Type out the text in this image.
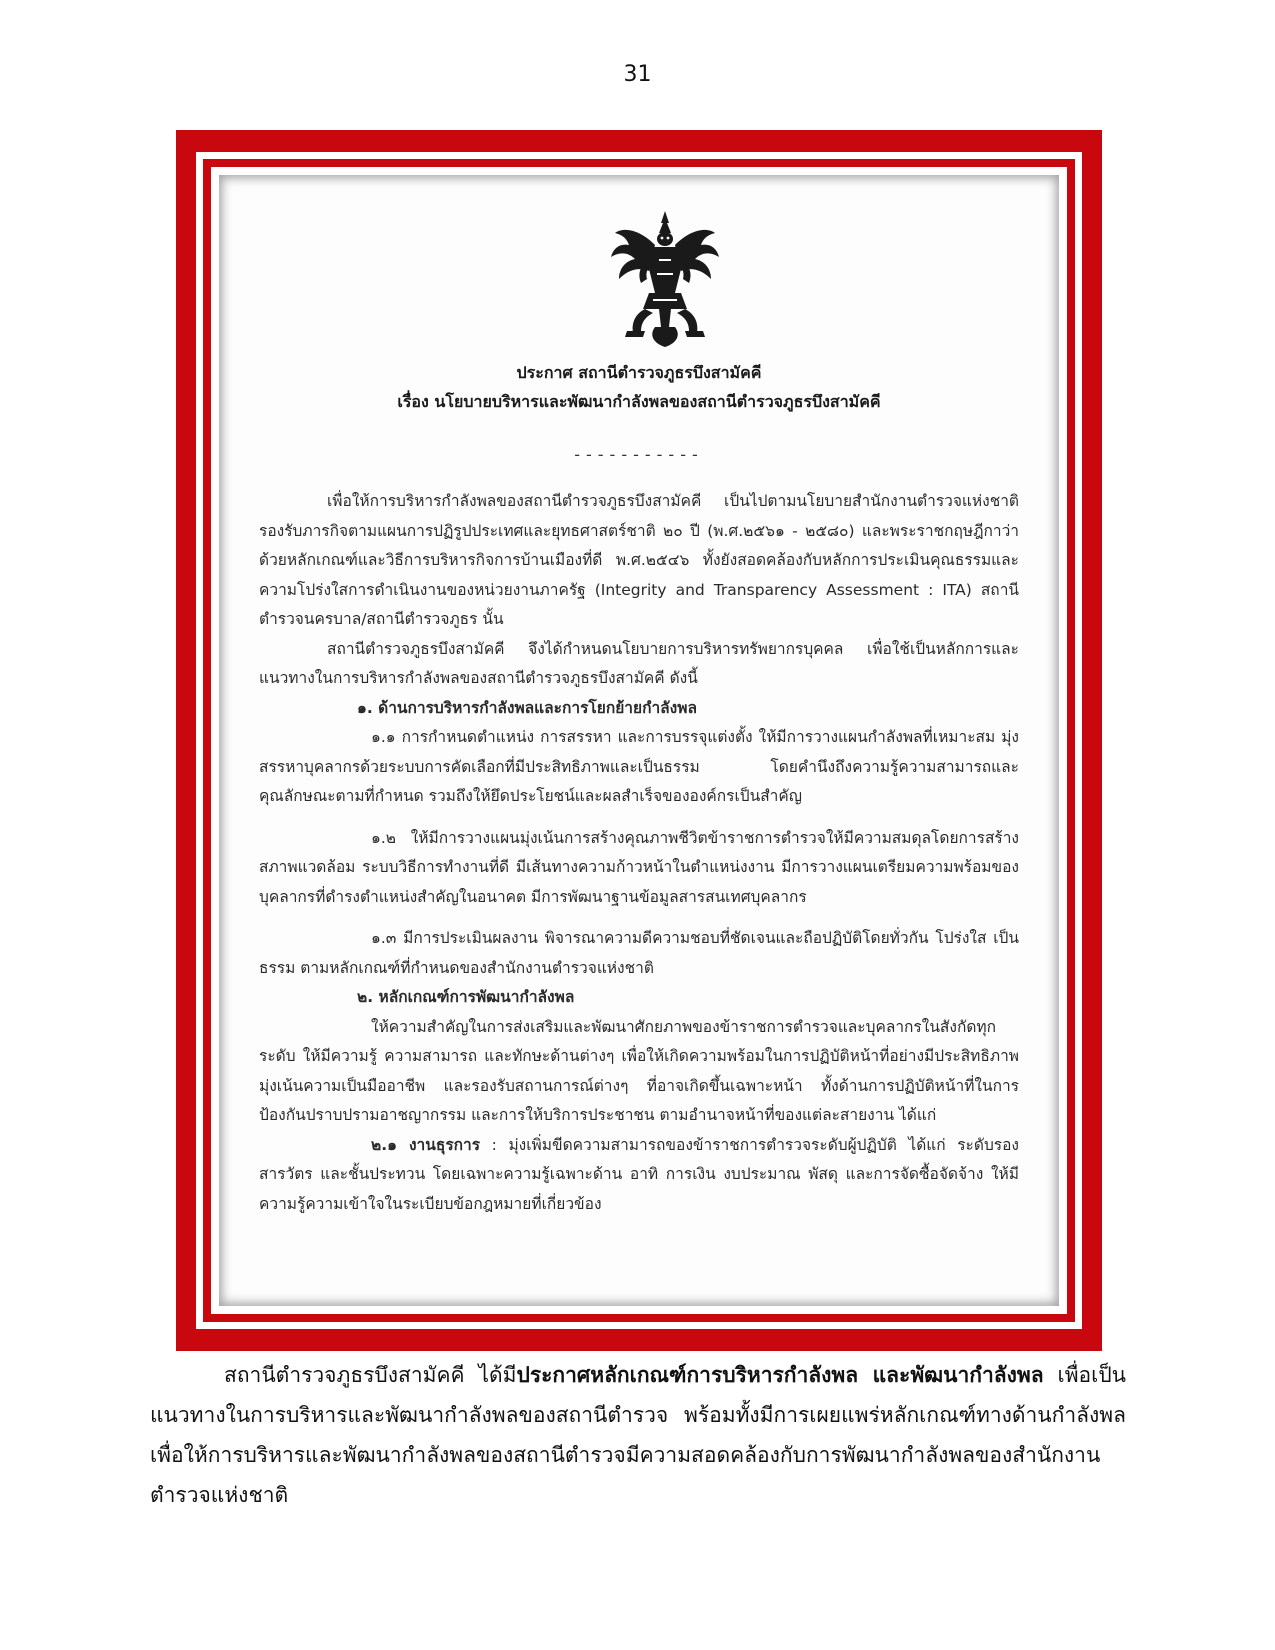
31
ประกาศ สถานีตำรวจภูธรบึงสามัคคี
เรื่อง นโยบายบริหารและพัฒนากำลังพลของสถานีตำรวจภูธรบึงสามัคคี
-----------

เพื่อให้การบริหารกำลังพลของสถานีตำรวจภูธรบึงสามัคคี เป็นไปตามนโยบายสำนักงานตำรวจแห่งชาติ รองรับภารกิจตามแผนการปฏิรูปประเทศและยุทธศาสตร์ชาติ ๒๐ ปี (พ.ศ.๒๕๖๑ - ๒๕๘๐) และพระราชกฤษฎีกาว่าด้วยหลักเกณฑ์และวิธีการบริหารกิจการบ้านเมืองที่ดี พ.ศ.๒๕๔๖ ทั้งยังสอดคล้องกับหลักการประเมินคุณธรรมและความโปร่งใสการดำเนินงานของหน่วยงานภาครัฐ (Integrity and Transparency Assessment : ITA) สถานีตำรวจนครบาล/สถานีตำรวจภูธร นั้น

สถานีตำรวจภูธรบึงสามัคคี จึงได้กำหนดนโยบายการบริหารทรัพยากรบุคคล เพื่อใช้เป็นหลักการและแนวทางในการบริหารกำลังพลของสถานีตำรวจภูธรบึงสามัคคี ดังนี้

๑. ด้านการบริหารกำลังพลและการโยกย้ายกำลังพล

๑.๑ การกำหนดตำแหน่ง การสรรหา และการบรรจุแต่งตั้ง ให้มีการวางแผนกำลังพลที่เหมาะสม มุ่งสรรหาบุคลากรด้วยระบบการคัดเลือกที่มีประสิทธิภาพและเป็นธรรม โดยคำนึงถึงความรู้ความสามารถและคุณลักษณะตามที่กำหนด รวมถึงให้ยึดประโยชน์และผลสำเร็จขององค์กรเป็นสำคัญ

๑.๒ ให้มีการวางแผนมุ่งเน้นการสร้างคุณภาพชีวิตข้าราชการตำรวจให้มีความสมดุลโดยการสร้างสภาพแวดล้อม ระบบวิธีการทำงานที่ดี มีเส้นทางความก้าวหน้าในตำแหน่งงาน มีการวางแผนเตรียมความพร้อมของบุคลากรที่ดำรงตำแหน่งสำคัญในอนาคต มีการพัฒนาฐานข้อมูลสารสนเทศบุคลากร

๑.๓ มีการประเมินผลงาน พิจารณาความดีความชอบที่ชัดเจนและถือปฏิบัติโดยทั่วกัน โปร่งใส เป็นธรรม ตามหลักเกณฑ์ที่กำหนดของสำนักงานตำรวจแห่งชาติ

๒. หลักเกณฑ์การพัฒนากำลังพล

ให้ความสำคัญในการส่งเสริมและพัฒนาศักยภาพของข้าราชการตำรวจและบุคลากรในสังกัดทุกระดับ ให้มีความรู้ ความสามารถ และทักษะด้านต่างๆ เพื่อให้เกิดความพร้อมในการปฏิบัติหน้าที่อย่างมีประสิทธิภาพ มุ่งเน้นความเป็นมืออาชีพ และรองรับสถานการณ์ต่างๆ ที่อาจเกิดขึ้นเฉพาะหน้า ทั้งด้านการปฏิบัติหน้าที่ในการป้องกันปราบปรามอาชญากรรม และการให้บริการประชาชน ตามอำนาจหน้าที่ของแต่ละสายงาน ได้แก่

๒.๑ งานธุรการ : มุ่งเพิ่มขีดความสามารถของข้าราชการตำรวจระดับผู้ปฏิบัติ ได้แก่ ระดับรองสารวัตร และชั้นประทวน โดยเฉพาะความรู้เฉพาะด้าน อาทิ การเงิน งบประมาณ พัสดุ และการจัดซื้อจัดจ้าง ให้มีความรู้ความเข้าใจในระเบียบข้อกฎหมายที่เกี่ยวข้อง

สถานีตำรวจภูธรบึงสามัคคี ได้มีประกาศหลักเกณฑ์การบริหารกำลังพล และพัฒนากำลังพล เพื่อเป็นแนวทางในการบริหารและพัฒนากำลังพลของสถานีตำรวจ พร้อมทั้งมีการเผยแพร่หลักเกณฑ์ทางด้านกำลังพลเพื่อให้การบริหารและพัฒนากำลังพลของสถานีตำรวจมีความสอดคล้องกับการพัฒนากำลังพลของสำนักงานตำรวจแห่งชาติ
